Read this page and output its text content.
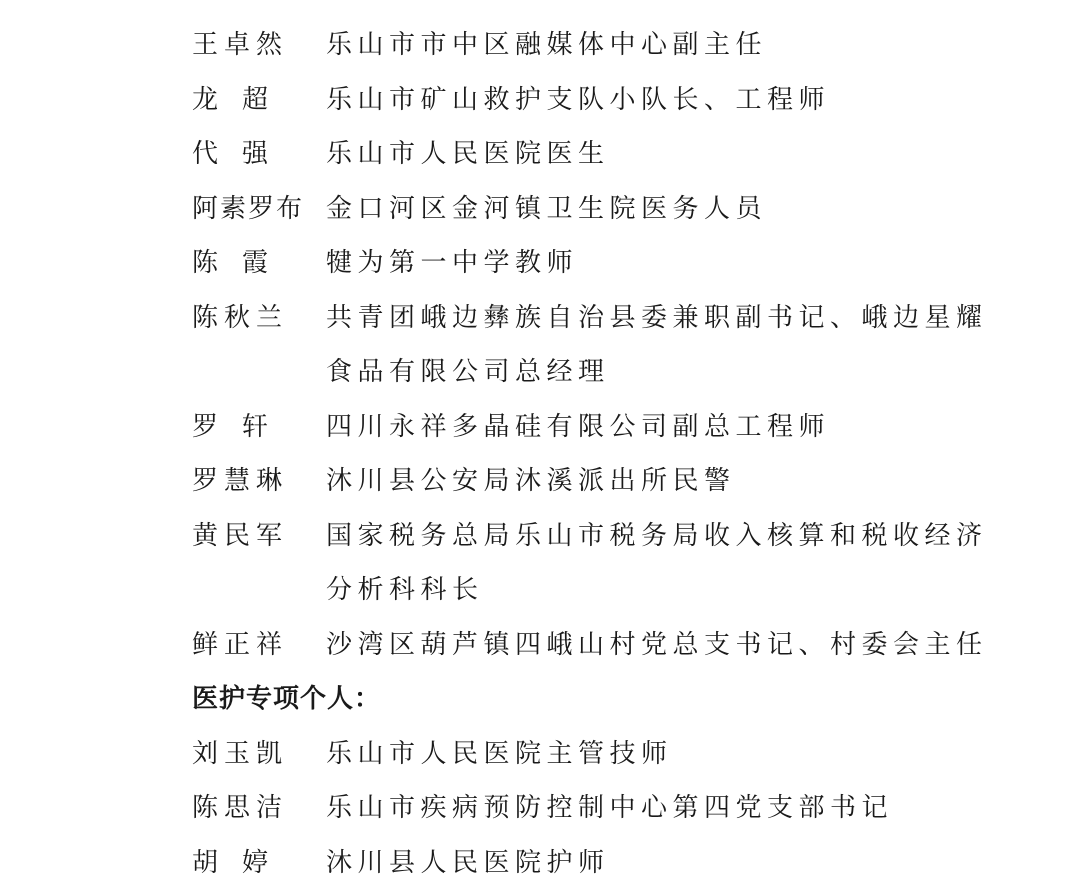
王卓然	乐山市市中区融媒体中心副主任
龙超	乐山市矿山救护支队小队长、工程师
代强	乐山市人民医院医生
阿素罗布 金口河区金河镇卫生院医务人员
陈霞	犍为第一中学教师
陈秋兰	共青团峨边彝族自治县委兼职副书记、峨边星耀食品有限公司总经理
罗轩	四川永祥多晶硅有限公司副总工程师
罗慧琳	沐川县公安局沐溪派出所民警
黄民军	国家税务总局乐山市税务局收入核算和税收经济分析科科长
鲜正祥	沙湾区葫芦镇四峨山村党总支书记、村委会主任
医护专项个人：
刘玉凯	乐山市人民医院主管技师
陈思洁	乐山市疾病预防控制中心第四党支部书记
胡婷	沐川县人民医院护师
